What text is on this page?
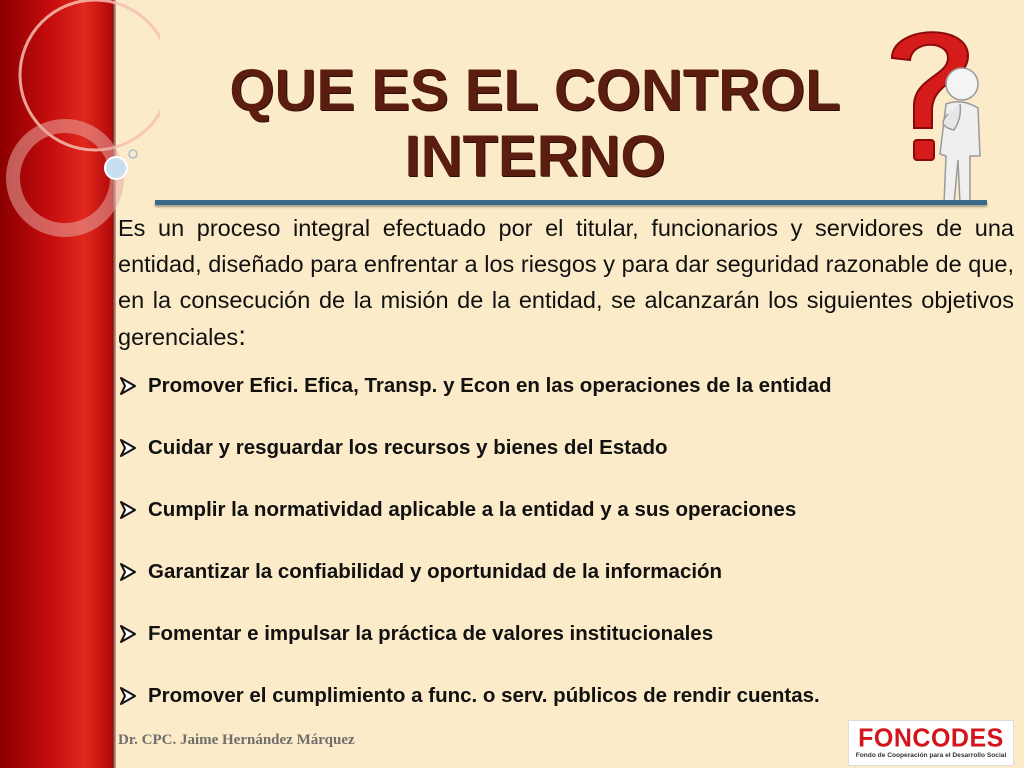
QUE ES EL CONTROL
INTERNO

Es un proceso integral efectuado por el titular, funcionarios y servidores de una entidad, diseñado para enfrentar a los riesgos y para dar seguridad razonable de que, en la consecución de la misión de la entidad, se alcanzarán los siguientes objetivos gerenciales:

Promover Efici. Efica, Transp. y Econ en las operaciones de la entidad
Cuidar y resguardar los recursos y bienes del Estado
Cumplir la normatividad aplicable a la entidad y a sus operaciones
Garantizar la confiabilidad y oportunidad de la información
Fomentar e impulsar la práctica de valores institucionales
Promover el cumplimiento a func. o serv. públicos de rendir cuentas.
Dr. CPC. Jaime Hernández Márquez	FONCODES
Fondo de Cooperación para el Desarrollo Social
